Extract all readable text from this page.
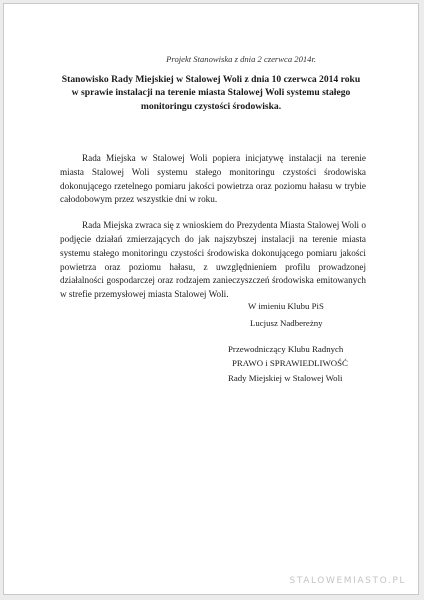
Projekt Stanowiska z dnia 2 czerwca 2014r.
Stanowisko Rady Miejskiej w Stalowej Woli z dnia 10 czerwca 2014 roku
w sprawie instalacji na terenie miasta Stalowej Woli systemu stałego
monitoringu czystości środowiska.

Rada Miejska w Stalowej Woli popiera inicjatywę instalacji na terenie miasta Stalowej Woli systemu stałego monitoringu czystości środowiska dokonującego rzetelnego pomiaru jakości powietrza oraz poziomu hałasu w trybie całodobowym przez wszystkie dni w roku.

Rada Miejska zwraca się z wnioskiem do Prezydenta Miasta Stalowej Woli o podjęcie działań zmierzających do jak najszybszej instalacji na terenie miasta systemu stałego monitoringu czystości środowiska dokonującego pomiaru jakości powietrza oraz poziomu hałasu, z uwzględnieniem profilu prowadzonej działalności gospodarczej oraz rodzajem zanieczyszczeń środowiska emitowanych w strefie przemysłowej miasta Stalowej Woli.

W imieniu Klubu PiS
Lucjusz Nadbereżny
Przewodniczący Klubu Radnych
PRAWO i SPRAWIEDLIWOŚĆ
Rady Miejskiej w Stalowej Woli
STALOWEMIASTO.PL
